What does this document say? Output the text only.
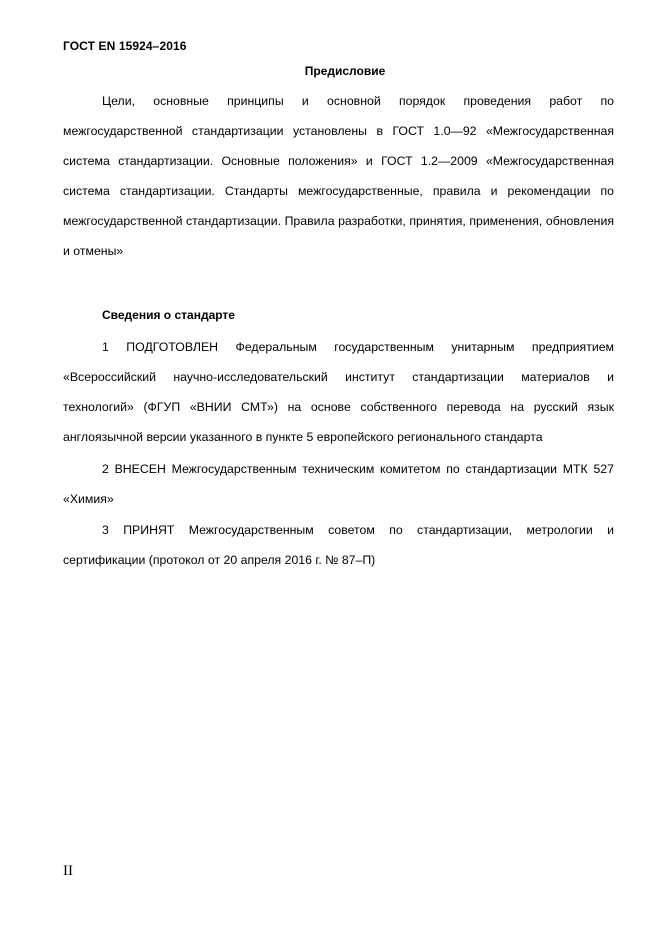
ГОСТ EN 15924–2016
Предисловие

Цели, основные принципы и основной порядок проведения работ по межгосударственной стандартизации установлены в ГОСТ 1.0—92 «Межгосударственная система стандартизации. Основные положения» и ГОСТ 1.2—2009 «Межгосударственная система стандартизации. Стандарты межгосударственные, правила и рекомендации по межгосударственной стандартизации. Правила разработки, принятия, применения, обновления и отмены»

Сведения о стандарте

1 ПОДГОТОВЛЕН Федеральным государственным унитарным предприятием «Всероссийский научно-исследовательский институт стандартизации материалов и технологий» (ФГУП «ВНИИ СМТ») на основе собственного перевода на русский язык англоязычной версии указанного в пункте 5 европейского регионального стандарта

2 ВНЕСЕН Межгосударственным техническим комитетом по стандартизации МТК 527 «Химия»

3 ПРИНЯТ Межгосударственным советом по стандартизации, метрологии и сертификации (протокол от 20 апреля 2016 г. № 87–П)

II
